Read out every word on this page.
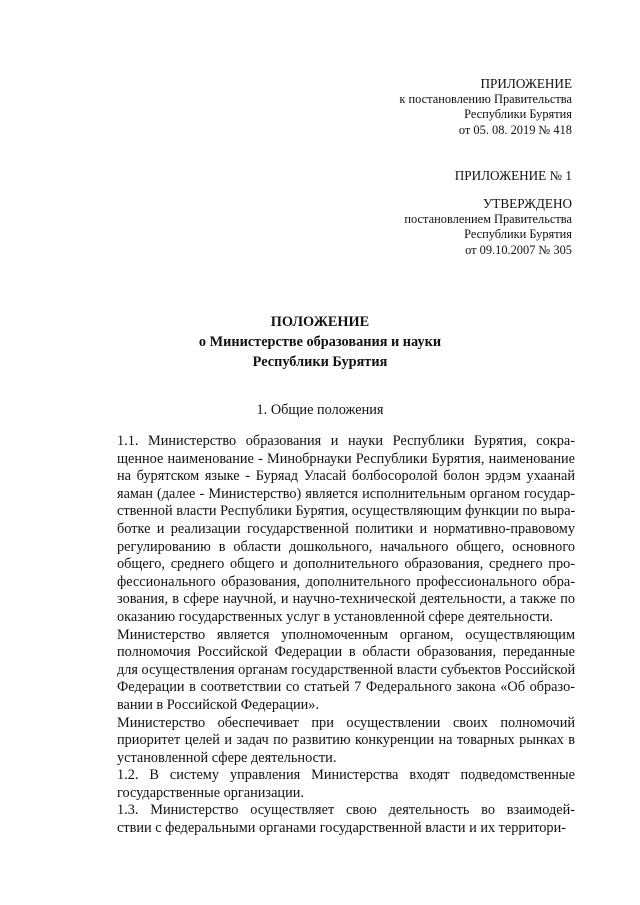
ПРИЛОЖЕНИЕ
к постановлению Правительства
Республики Бурятия
от 05. 08. 2019 № 418
ПРИЛОЖЕНИЕ № 1
УТВЕРЖДЕНО
постановлением Правительства
Республики Бурятия
от 09.10.2007 № 305
ПОЛОЖЕНИЕ
о Министерстве образования и науки
Республики Бурятия
1. Общие положения
1.1. Министерство образования и науки Республики Бурятия, сокра-
щенное наименование - Минобрнауки Республики Бурятия, наименование
на бурятском языке - Буряад Уласай болбосоролой болон эрдэм ухаанай
яаман (далее - Министерство) является исполнительным органом государ-
ственной власти Республики Бурятия, осуществляющим функции по выра-
ботке и реализации государственной политики и нормативно-правовому
регулированию в области дошкольного, начального общего, основного
общего, среднего общего и дополнительного образования, среднего про-
фессионального образования, дополнительного профессионального обра-
зования, в сфере научной, и научно-технической деятельности, а также по
оказанию государственных услуг в установленной сфере деятельности.
Министерство является уполномоченным органом, осуществляющим
полномочия Российской Федерации в области образования, переданные
для осуществления органам государственной власти субъектов Российской
Федерации в соответствии со статьей 7 Федерального закона «Об образо-
вании в Российской Федерации».
Министерство обеспечивает при осуществлении своих полномочий
приоритет целей и задач по развитию конкуренции на товарных рынках в
установленной сфере деятельности.
1.2. В систему управления Министерства входят подведомственные
государственные организации.
1.3. Министерство осуществляет свою деятельность во взаимодей-
ствии с федеральными органами государственной власти и их территори-
